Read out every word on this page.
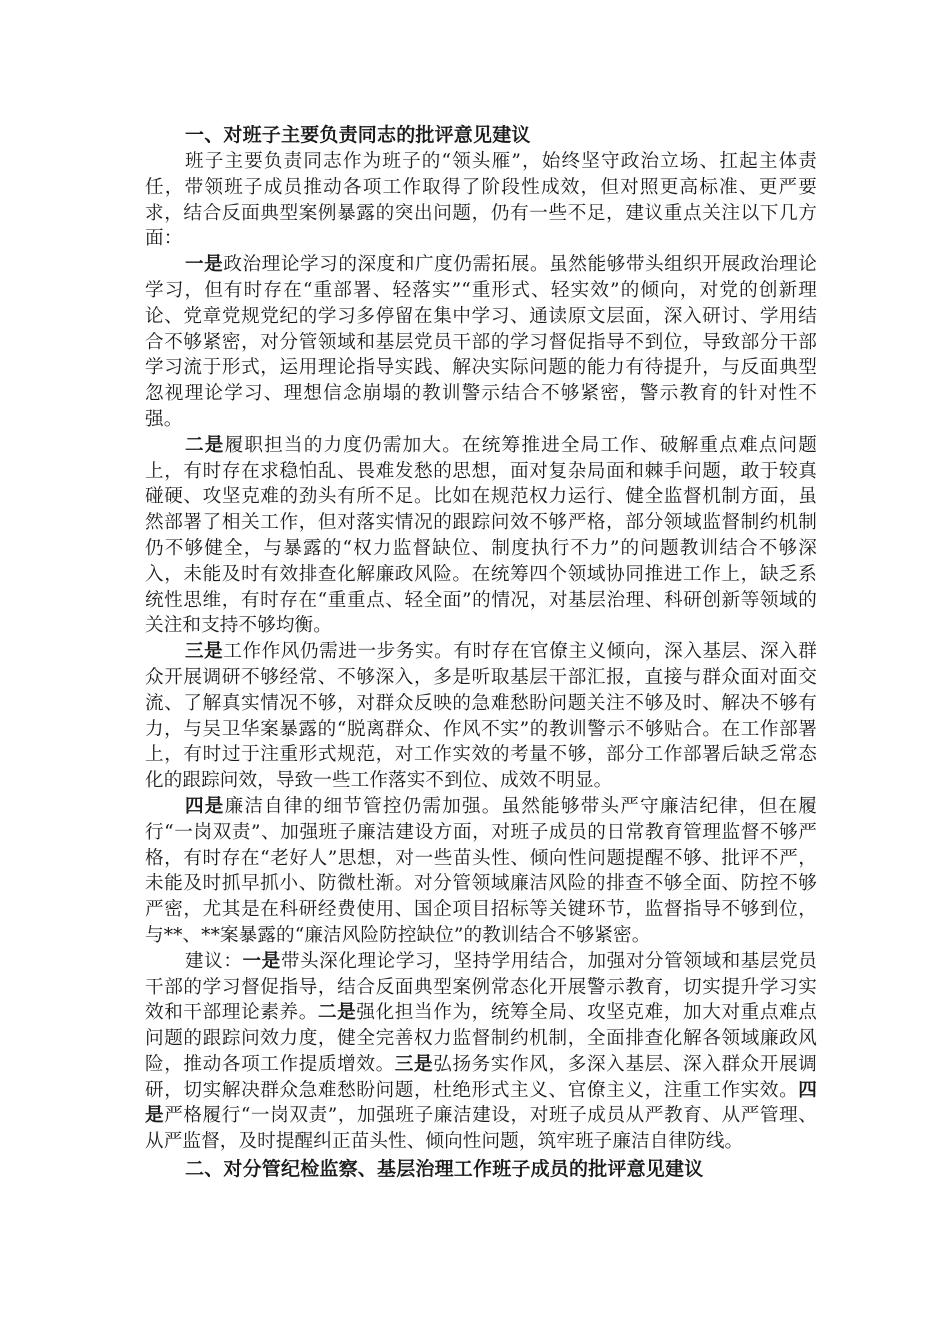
一、对班子主要负责同志的批评意见建议

班子主要负责同志作为班子的“领头雁”，始终坚守政治立场、扛起主体责任，带领班子成员推动各项工作取得了阶段性成效，但对照更高标准、更严要求，结合反面典型案例暴露的突出问题，仍有一些不足，建议重点关注以下几方面：

一是政治理论学习的深度和广度仍需拓展。虽然能够带头组织开展政治理论学习，但有时存在“重部署、轻落实”“重形式、轻实效”的倾向，对党的创新理论、党章党规党纪的学习多停留在集中学习、通读原文层面，深入研讨、学用结合不够紧密，对分管领域和基层党员干部的学习督促指导不到位，导致部分干部学习流于形式，运用理论指导实践、解决实际问题的能力有待提升，与反面典型忽视理论学习、理想信念崩塌的教训警示结合不够紧密，警示教育的针对性不强。

二是履职担当的力度仍需加大。在统筹推进全局工作、破解重点难点问题上，有时存在求稳怕乱、畏难发愁的思想，面对复杂局面和棘手问题，敢于较真碰硬、攻坚克难的劲头有所不足。比如在规范权力运行、健全监督机制方面，虽然部署了相关工作，但对落实情况的跟踪问效不够严格，部分领域监督制约机制仍不够健全，与暴露的“权力监督缺位、制度执行不力”的问题教训结合不够深入，未能及时有效排查化解廉政风险。在统筹四个领域协同推进工作上，缺乏系统性思维，有时存在“重重点、轻全面”的情况，对基层治理、科研创新等领域的关注和支持不够均衡。

三是工作作风仍需进一步务实。有时存在官僚主义倾向，深入基层、深入群众开展调研不够经常、不够深入，多是听取基层干部汇报，直接与群众面对面交流、了解真实情况不够，对群众反映的急难愁盼问题关注不够及时、解决不够有力，与吴卫华案暴露的“脱离群众、作风不实”的教训警示不够贴合。在工作部署上，有时过于注重形式规范，对工作实效的考量不够，部分工作部署后缺乏常态化的跟踪问效，导致一些工作落实不到位、成效不明显。

四是廉洁自律的细节管控仍需加强。虽然能够带头严守廉洁纪律，但在履行“一岗双责”、加强班子廉洁建设方面，对班子成员的日常教育管理监督不够严格，有时存在“老好人”思想，对一些苗头性、倾向性问题提醒不够、批评不严，未能及时抓早抓小、防微杜渐。对分管领域廉洁风险的排查不够全面、防控不够严密，尤其是在科研经费使用、国企项目招标等关键环节，监督指导不够到位，与**、**案暴露的“廉洁风险防控缺位”的教训结合不够紧密。

建议：一是带头深化理论学习，坚持学用结合，加强对分管领域和基层党员干部的学习督促指导，结合反面典型案例常态化开展警示教育，切实提升学习实效和干部理论素养。二是强化担当作为，统筹全局、攻坚克难，加大对重点难点问题的跟踪问效力度，健全完善权力监督制约机制，全面排查化解各领域廉政风险，推动各项工作提质增效。三是弘扬务实作风，多深入基层、深入群众开展调研，切实解决群众急难愁盼问题，杜绝形式主义、官僚主义，注重工作实效。四是严格履行“一岗双责”，加强班子廉洁建设，对班子成员从严教育、从严管理、从严监督，及时提醒纠正苗头性、倾向性问题，筑牢班子廉洁自律防线。

二、对分管纪检监察、基层治理工作班子成员的批评意见建议
